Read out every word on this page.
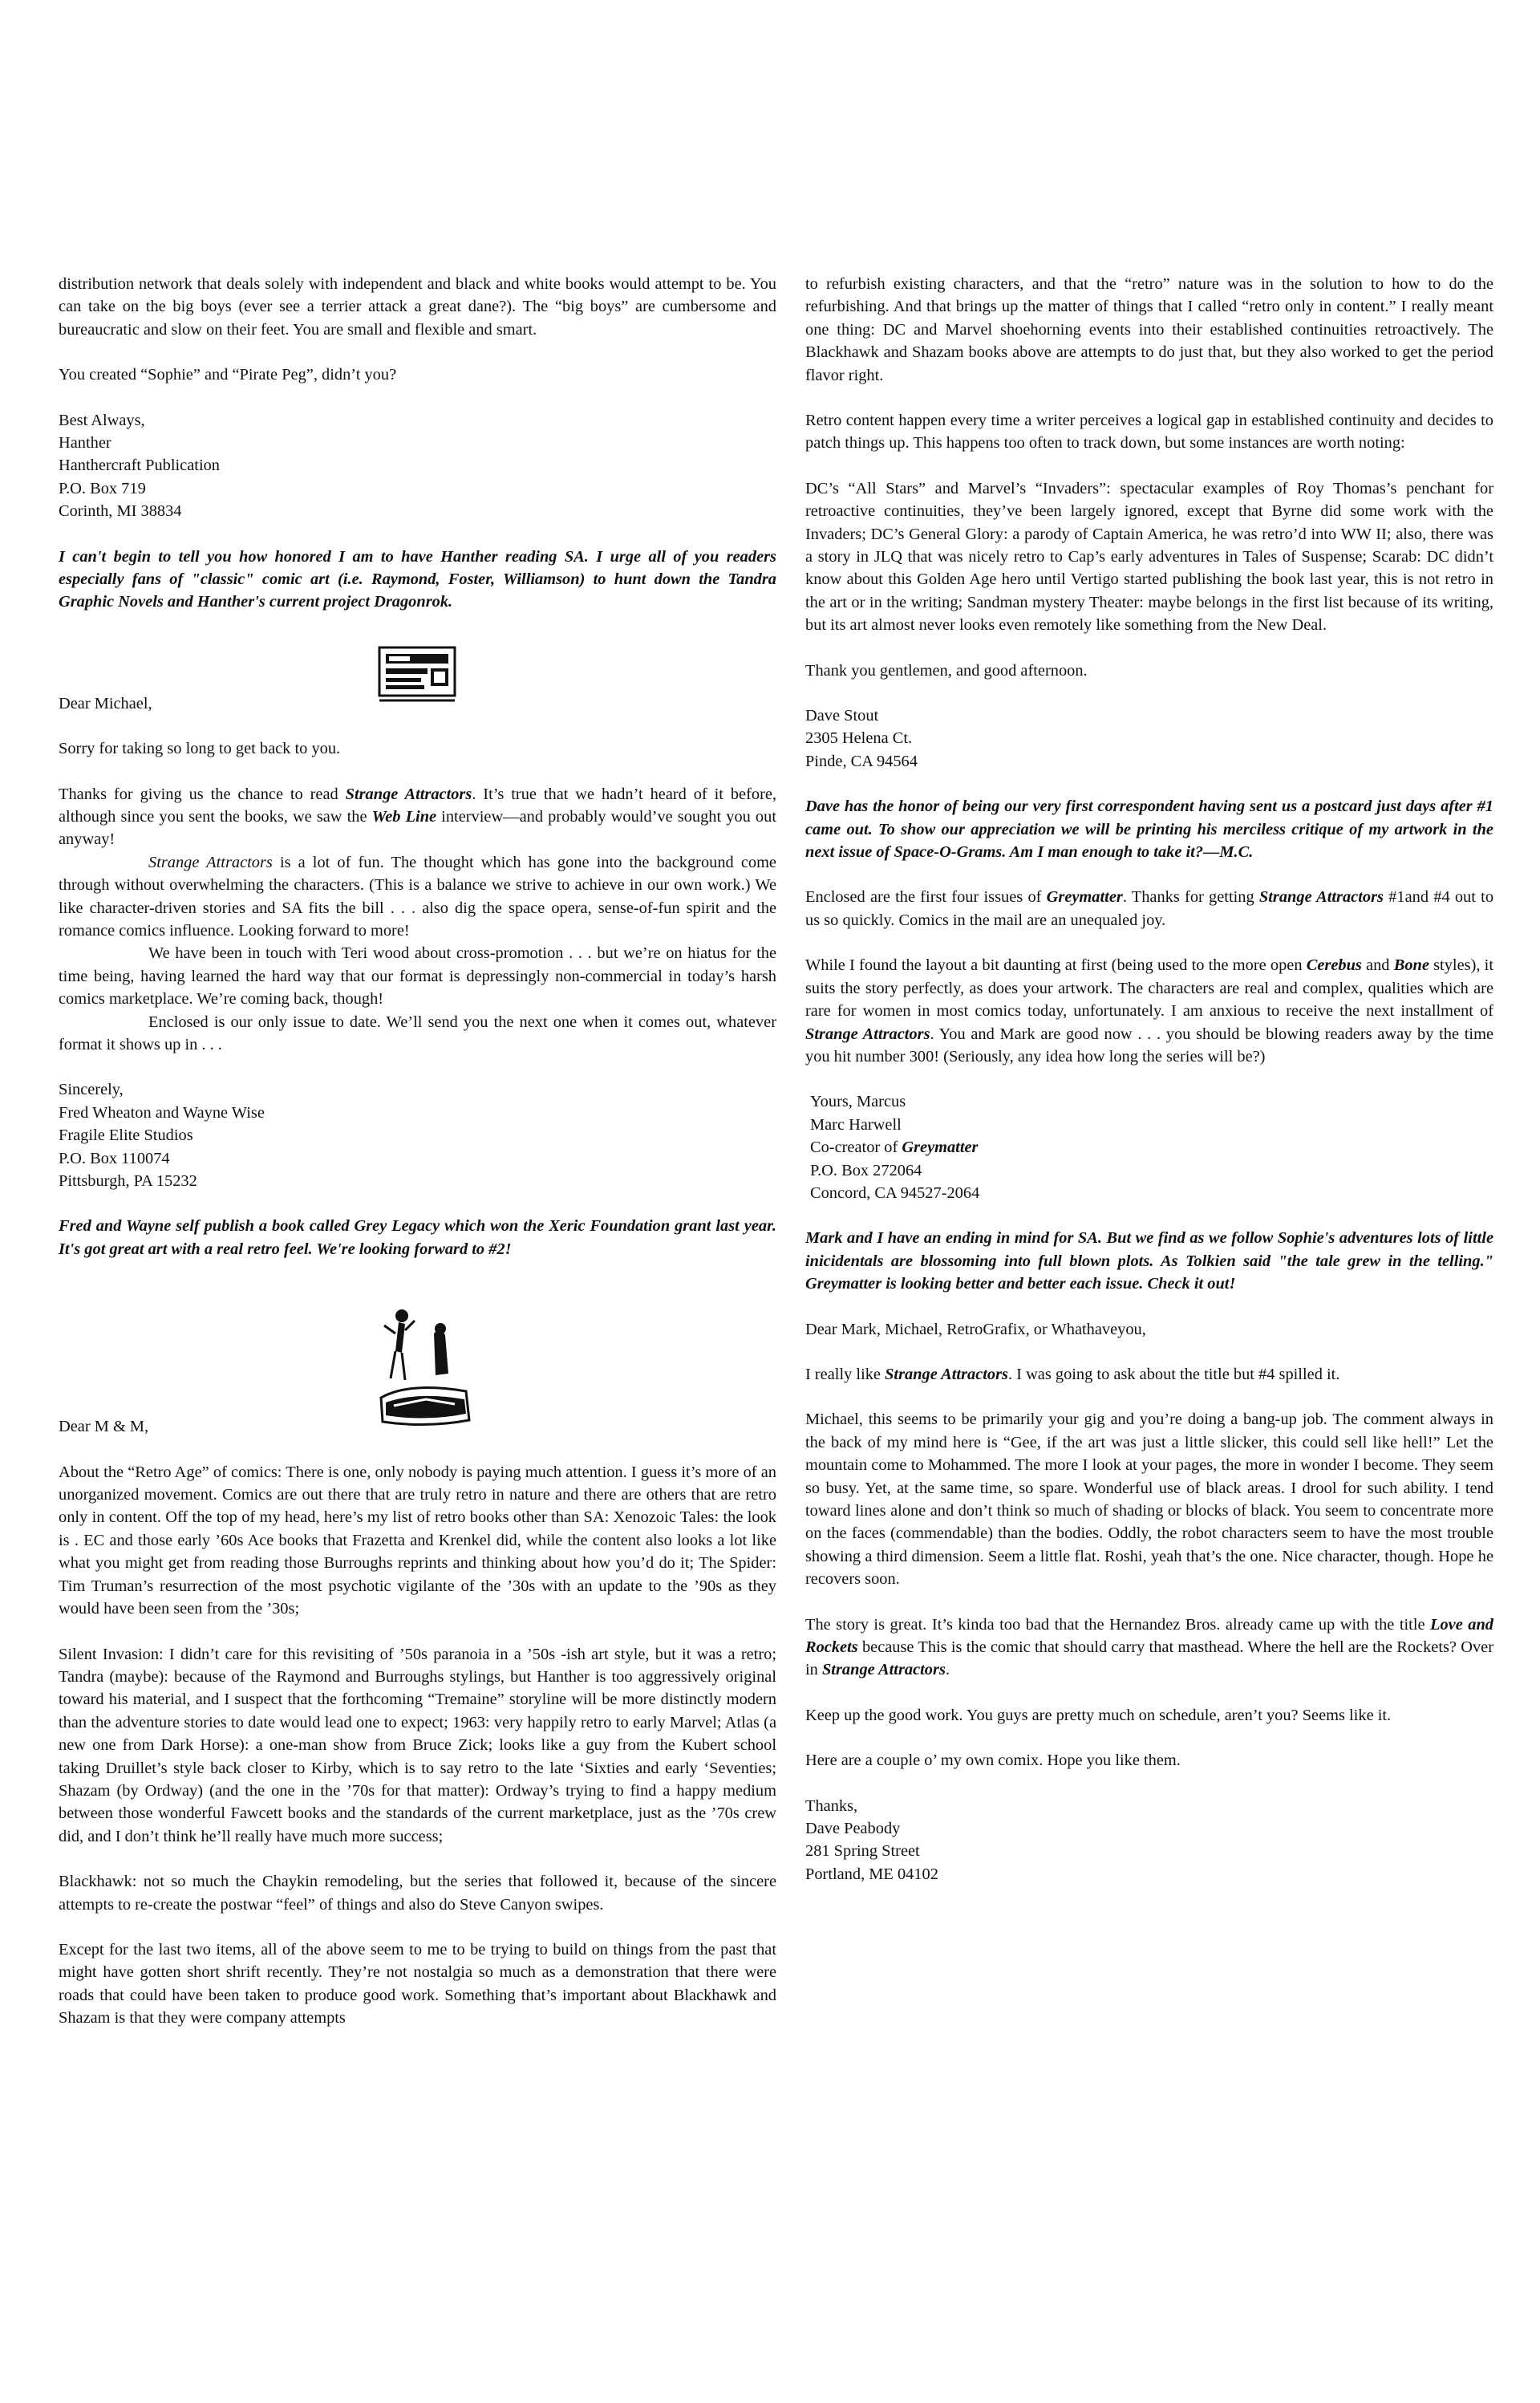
distribution network that deals solely with independent and black and white books would attempt to be. You can take on the big boys (ever see a terrier attack a great dane?). The “big boys” are cumbersome and bureaucratic and slow on their feet. You are small and flexible and smart.

You created “Sophie” and “Pirate Peg”, didn’t you?

Best Always,
Hanther
Hanthercraft Publication
P.O. Box 719
Corinth, MI 38834

I can't begin to tell you how honored I am to have Hanther reading SA. I urge all of you readers especially fans of "classic" comic art (i.e. Raymond, Foster, Williamson) to hunt down the Tandra Graphic Novels and Hanther's current project Dragonrok.

Dear Michael,

Sorry for taking so long to get back to you.

Thanks for giving us the chance to read Strange Attractors. It’s true that we hadn’t heard of it before, although since you sent the books, we saw the Web Line interview—and probably would’ve sought you out anyway!

Strange Attractors is a lot of fun. The thought which has gone into the background come through without overwhelming the characters. (This is a balance we strive to achieve in our own work.) We like character-driven stories and SA fits the bill . . . also dig the space opera, sense-of-fun spirit and the romance comics influence. Looking forward to more!

We have been in touch with Teri wood about cross-promotion . . . but we’re on hiatus for the time being, having learned the hard way that our format is depressingly non-commercial in today’s harsh comics marketplace. We’re coming back, though!

Enclosed is our only issue to date. We’ll send you the next one when it comes out, whatever format it shows up in . . .

Sincerely,
Fred Wheaton and Wayne Wise
Fragile Elite Studios
P.O. Box 110074
Pittsburgh, PA 15232

Fred and Wayne self publish a book called Grey Legacy which won the Xeric Foundation grant last year. It's got great art with a real retro feel. We're looking forward to #2!

Dear M & M,

About the “Retro Age” of comics: There is one, only nobody is paying much attention. I guess it’s more of an unorganized movement. Comics are out there that are truly retro in nature and there are others that are retro only in content. Off the top of my head, here’s my list of retro books other than SA: Xenozoic Tales: the look is . EC and those early ’60s Ace books that Frazetta and Krenkel did, while the content also looks a lot like what you might get from reading those Burroughs reprints and thinking about how you’d do it; The Spider: Tim Truman’s resurrection of the most psychotic vigilante of the ’30s with an update to the ’90s as they would have been seen from the ’30s;

Silent Invasion: I didn’t care for this revisiting of ’50s paranoia in a ’50s -ish art style, but it was a retro; Tandra (maybe): because of the Raymond and Burroughs stylings, but Hanther is too aggressively original toward his material, and I suspect that the forthcoming “Tremaine” storyline will be more distinctly modern than the adventure stories to date would lead one to expect; 1963: very happily retro to early Marvel; Atlas (a new one from Dark Horse): a one-man show from Bruce Zick; looks like a guy from the Kubert school taking Druillet’s style back closer to Kirby, which is to say retro to the late ‘Sixties and early ‘Seventies; Shazam (by Ordway) (and the one in the ’70s for that matter): Ordway’s trying to find a happy medium between those wonderful Fawcett books and the standards of the current marketplace, just as the ’70s crew did, and I don’t think he’ll really have much more success;

Blackhawk: not so much the Chaykin remodeling, but the series that followed it, because of the sincere attempts to re-create the postwar “feel” of things and also do Steve Canyon swipes.

Except for the last two items, all of the above seem to me to be trying to build on things from the past that might have gotten short shrift recently. They’re not nostalgia so much as a demonstration that there were roads that could have been taken to produce good work. Something that’s important about Blackhawk and Shazam is that they were company attempts

to refurbish existing characters, and that the “retro” nature was in the solution to how to do the refurbishing. And that brings up the matter of things that I called “retro only in content.” I really meant one thing: DC and Marvel shoehorning events into their established continuities retroactively. The Blackhawk and Shazam books above are attempts to do just that, but they also worked to get the period flavor right.

Retro content happen every time a writer perceives a logical gap in established continuity and decides to patch things up. This happens too often to track down, but some instances are worth noting:

DC’s “All Stars” and Marvel’s “Invaders”: spectacular examples of Roy Thomas’s penchant for retroactive continuities, they’ve been largely ignored, except that Byrne did some work with the Invaders; DC’s General Glory: a parody of Captain America, he was retro’d into WW II; also, there was a story in JLQ that was nicely retro to Cap’s early adventures in Tales of Suspense; Scarab: DC didn’t know about this Golden Age hero until Vertigo started publishing the book last year, this is not retro in the art or in the writing; Sandman mystery Theater: maybe belongs in the first list because of its writing, but its art almost never looks even remotely like something from the New Deal.

Thank you gentlemen, and good afternoon.

Dave Stout
2305 Helena Ct.
Pinde, CA 94564

Dave has the honor of being our very first correspondent having sent us a postcard just days after #1 came out. To show our appreciation we will be printing his merciless critique of my artwork in the next issue of Space-O-Grams. Am I man enough to take it?—M.C.

Enclosed are the first four issues of Greymatter. Thanks for getting Strange Attractors #1and #4 out to us so quickly. Comics in the mail are an unequaled joy.

While I found the layout a bit daunting at first (being used to the more open Cerebus and Bone styles), it suits the story perfectly, as does your artwork. The characters are real and complex, qualities which are rare for women in most comics today, unfortunately. I am anxious to receive the next installment of Strange Attractors. You and Mark are good now . . . you should be blowing readers away by the time you hit number 300! (Seriously, any idea how long the series will be?)

Yours, Marcus
Marc Harwell
Co-creator of Greymatter
P.O. Box 272064
Concord, CA 94527-2064

Mark and I have an ending in mind for SA. But we find as we follow Sophie's adventures lots of little inicidentals are blossoming into full blown plots. As Tolkien said "the tale grew in the telling." Greymatter is looking better and better each issue. Check it out!

Dear Mark, Michael, RetroGrafix, or Whathaveyou,

I really like Strange Attractors. I was going to ask about the title but #4 spilled it.

Michael, this seems to be primarily your gig and you’re doing a bang-up job. The comment always in the back of my mind here is “Gee, if the art was just a little slicker, this could sell like hell!” Let the mountain come to Mohammed. The more I look at your pages, the more in wonder I become. They seem so busy. Yet, at the same time, so spare. Wonderful use of black areas. I drool for such ability. I tend toward lines alone and don’t think so much of shading or blocks of black. You seem to concentrate more on the faces (commendable) than the bodies. Oddly, the robot characters seem to have the most trouble showing a third dimension. Seem a little flat. Roshi, yeah that’s the one. Nice character, though. Hope he recovers soon.

The story is great. It’s kinda too bad that the Hernandez Bros. already came up with the title Love and Rockets because This is the comic that should carry that masthead. Where the hell are the Rockets? Over in Strange Attractors.

Keep up the good work. You guys are pretty much on schedule, aren’t you? Seems like it.

Here are a couple o’ my own comix. Hope you like them.

Thanks,
Dave Peabody
281 Spring Street
Portland, ME 04102
